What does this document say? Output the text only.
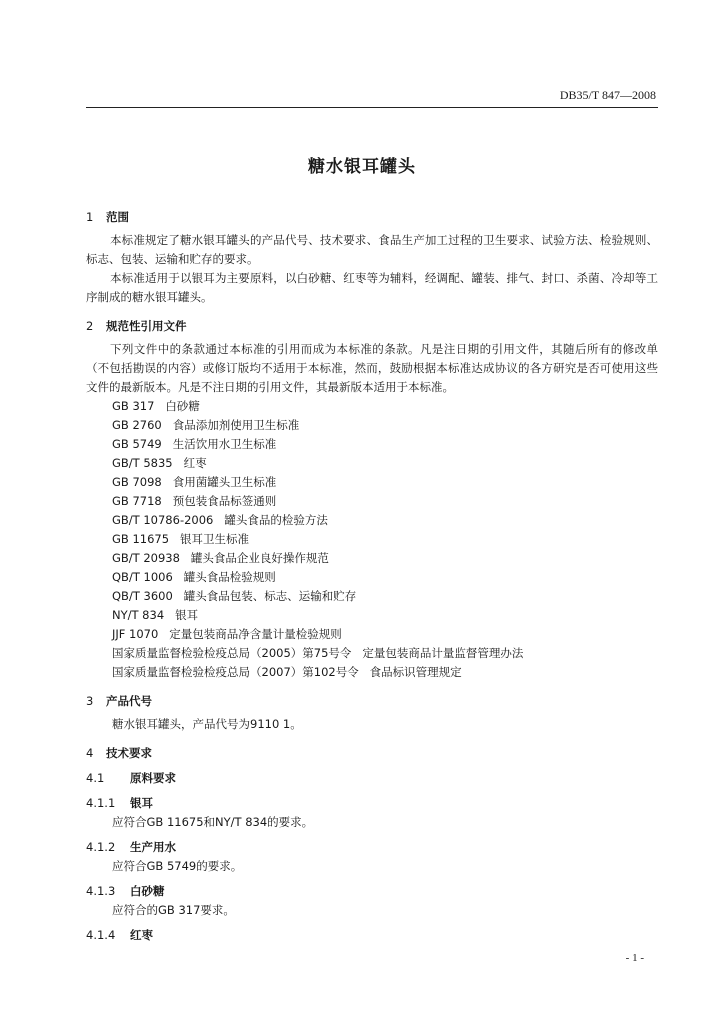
DB35/T 847—2008
糖水银耳罐头
1 范围
本标准规定了糖水银耳罐头的产品代号、技术要求、食品生产加工过程的卫生要求、试验方法、检验规则、标志、包装、运输和贮存的要求。
本标准适用于以银耳为主要原料，以白砂糖、红枣等为辅料，经调配、罐装、排气、封口、杀菌、冷却等工序制成的糖水银耳罐头。
2 规范性引用文件
下列文件中的条款通过本标准的引用而成为本标准的条款。凡是注日期的引用文件，其随后所有的修改单（不包括勘误的内容）或修订版均不适用于本标准，然而，鼓励根据本标准达成协议的各方研究是否可使用这些文件的最新版本。凡是不注日期的引用文件，其最新版本适用于本标准。
GB 317   白砂糖
GB 2760   食品添加剂使用卫生标准
GB 5749   生活饮用水卫生标准
GB/T 5835   红枣
GB 7098   食用菌罐头卫生标准
GB 7718   预包装食品标签通则
GB/T 10786-2006   罐头食品的检验方法
GB 11675   银耳卫生标准
GB/T 20938   罐头食品企业良好操作规范
QB/T 1006   罐头食品检验规则
QB/T 3600   罐头食品包装、标志、运输和贮存
NY/T 834   银耳
JJF 1070   定量包装商品净含量计量检验规则
国家质量监督检验检疫总局（2005）第75号令   定量包装商品计量监督管理办法
国家质量监督检验检疫总局（2007）第102号令   食品标识管理规定
3 产品代号
糖水银耳罐头，产品代号为9110 1。
4 技术要求
4.1 原料要求
4.1.1 银耳
应符合GB 11675和NY/T 834的要求。
4.1.2 生产用水
应符合GB 5749的要求。
4.1.3 白砂糖
应符合的GB 317要求。
4.1.4 红枣
- 1 -
